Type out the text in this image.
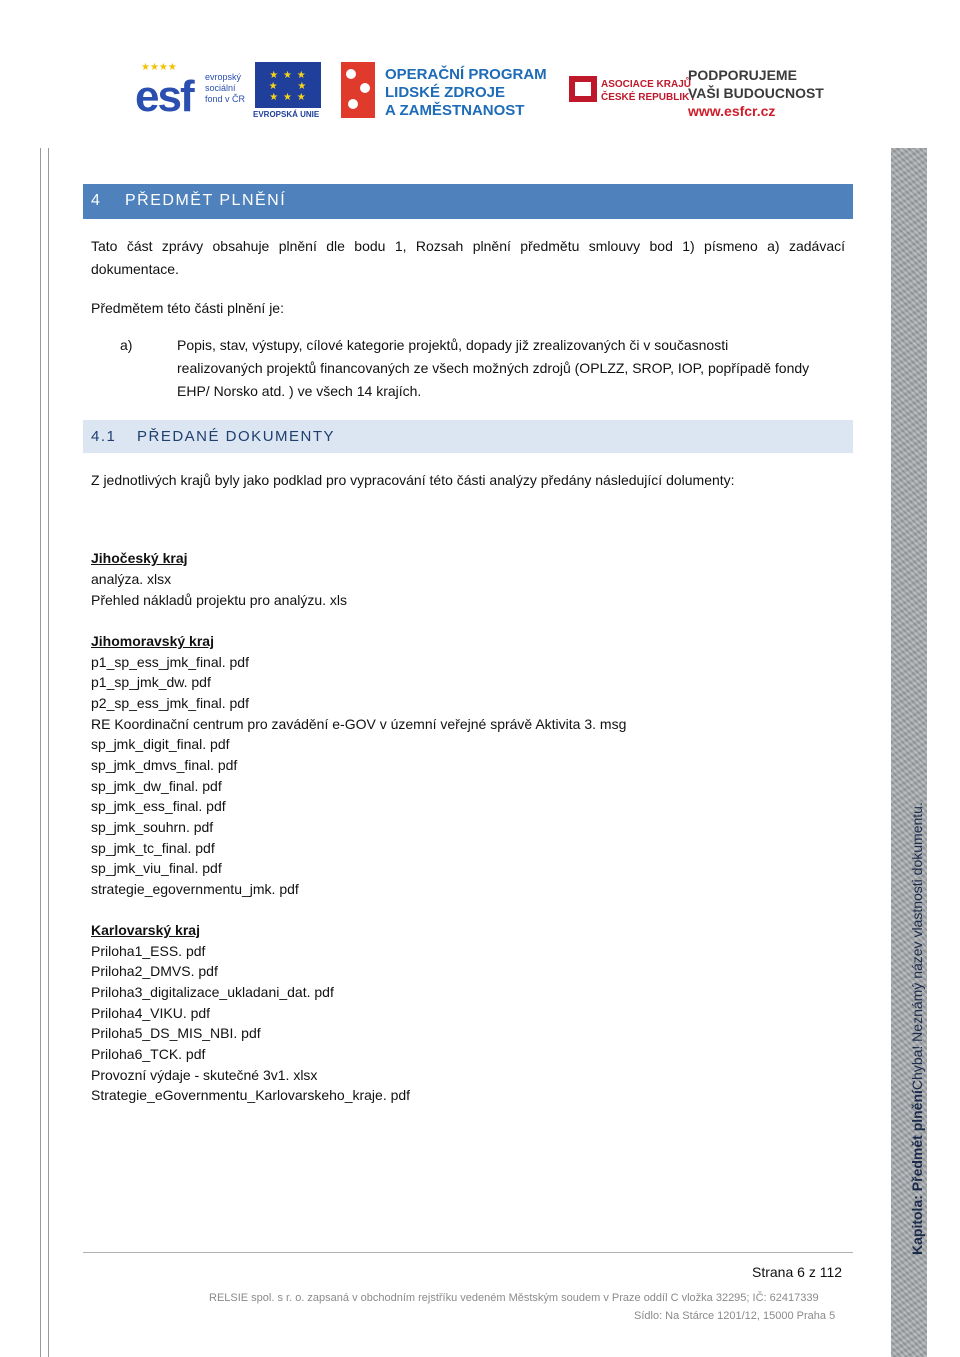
★★★★
esf evropský
sociální
fond v ČR
★ ★ ★
★     ★
★ ★ ★
EVROPSKÁ UNIE
OPERAČNÍ PROGRAM
LIDSKÉ ZDROJE
A ZAMĚSTNANOST
ASOCIACE KRAJŮ
ČESKÉ REPUBLIKY
PODPORUJEME
VAŠI BUDOUCNOST
www.esfcr.cz
Kapitola: Předmět plněníChyba! Neznámý název vlastnosti dokumentu.
4 PŘEDMĚT PLNĚNÍ
Tato část zprávy obsahuje plnění dle bodu 1, Rozsah plnění předmětu smlouvy bod 1) písmeno a) zadávací dokumentace.
Předmětem této části plnění je:
a)	Popis, stav, výstupy, cílové kategorie projektů, dopady již zrealizovaných či v současnosti
realizovaných projektů financovaných ze všech možných zdrojů (OPLZZ, SROP, IOP, popřípadě fondy
EHP/ Norsko atd. ) ve všech 14 krajích.
4.1 PŘEDANÉ DOKUMENTY
Z jednotlivých krajů byly jako podklad pro vypracování této části analýzy předány následující dolumenty:
Jihočeský kraj
analýza. xlsx
Přehled nákladů projektu pro analýzu. xls
Jihomoravský kraj
p1_sp_ess_jmk_final. pdf
p1_sp_jmk_dw. pdf
p2_sp_ess_jmk_final. pdf
RE Koordinační centrum pro zavádění e-GOV v územní veřejné správě Aktivita 3. msg
sp_jmk_digit_final. pdf
sp_jmk_dmvs_final. pdf
sp_jmk_dw_final. pdf
sp_jmk_ess_final. pdf
sp_jmk_souhrn. pdf
sp_jmk_tc_final. pdf
sp_jmk_viu_final. pdf
strategie_egovernmentu_jmk. pdf
Karlovarský kraj
Priloha1_ESS. pdf
Priloha2_DMVS. pdf
Priloha3_digitalizace_ukladani_dat. pdf
Priloha4_VIKU. pdf
Priloha5_DS_MIS_NBI. pdf
Priloha6_TCK. pdf
Provozní výdaje - skutečné 3v1. xlsx
Strategie_eGovernmentu_Karlovarskeho_kraje. pdf
Strana 6 z 112
RELSIE spol. s r. o. zapsaná v obchodním rejstříku vedeném Městským soudem v Praze oddíl C vložka 32295; IČ: 62417339
Sídlo: Na Stárce 1201/12, 15000 Praha 5
